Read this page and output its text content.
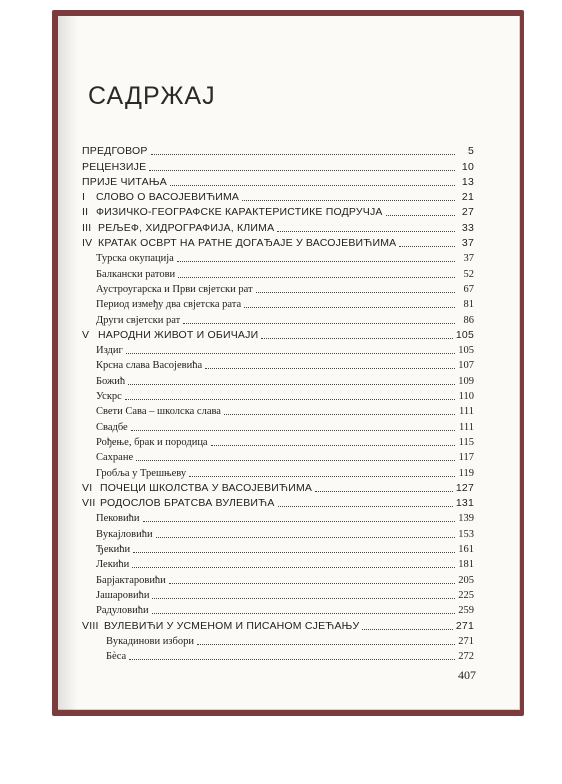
САДРЖАЈ
ПРЕДГОВОР	5
РЕЦЕНЗИЈЕ	10
ПРИЈЕ ЧИТАЊА	13
I	СЛОВО О ВАСОЈЕВИЋИМА	21
II ФИЗИЧКО-ГЕОГРАФСКЕ КАРАКТЕРИСТИКЕ ПОДРУЧЈА	27
III РЕЉЕФ, ХИДРОГРАФИЈА, КЛИМА	33
IV КРАТАК ОСВРТ НА РАТНЕ ДОГАЂАЈЕ У ВАСОЈЕВИЋИМА	37
Турска окупација	37
Балкански ратови	52
Аустроугарска и Први свјетски рат	67
Период између два свјетска рата	81
Други свјетски рат	86
V НАРОДНИ ЖИВОТ И ОБИЧАЈИ	105
Издиг	105
Крсна слава Васојевића	107
Божић	109
Ускрс	110
Свети Сава – школска слава	111
Свадбе	111
Рођење, брак и породица	115
Сахране	117
Гробља у Трешњеву	119
VI ПОЧЕЦИ ШКОЛСТВА У ВАСОЈЕВИЋИМА	127
VII РОДОСЛОВ БРАТСВА ВУЛЕВИЋА	131
Пековићи	139
Вукајловићи	153
Ђекићи	161
Лекићи	181
Барјактаровићи	205
Јашаровићи	225
Радуловићи	259
VIII ВУЛЕВИЋИ У УСМЕНОМ И ПИСАНОМ СЈЕЋАЊУ	271
Вукадинови избори	271
Бѐса	272
407
